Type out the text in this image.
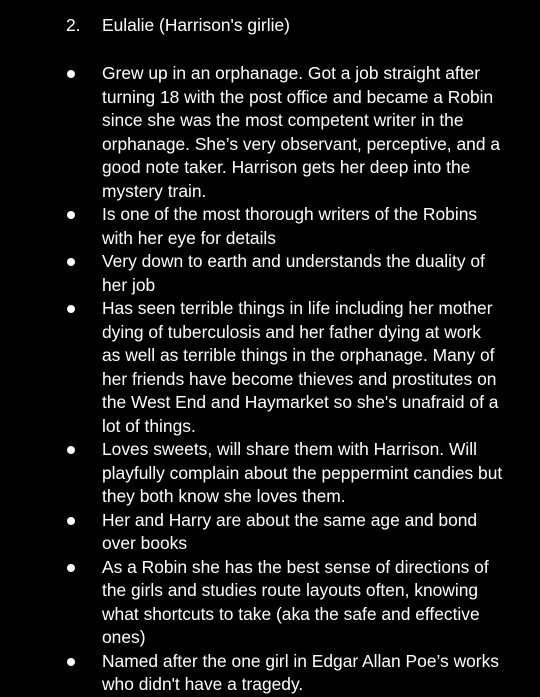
2. Eulalie (Harrison's girlie)
Grew up in an orphanage. Got a job straight after
turning 18 with the post office and became a Robin
since she was the most competent writer in the
orphanage. She’s very observant, perceptive, and a
good note taker. Harrison gets her deep into the
mystery train.
Is one of the most thorough writers of the Robins
with her eye for details
Very down to earth and understands the duality of
her job
Has seen terrible things in life including her mother
dying of tuberculosis and her father dying at work
as well as terrible things in the orphanage. Many of
her friends have become thieves and prostitutes on
the West End and Haymarket so she's unafraid of a
lot of things.
Loves sweets, will share them with Harrison. Will
playfully complain about the peppermint candies but
they both know she loves them.
Her and Harry are about the same age and bond
over books
As a Robin she has the best sense of directions of
the girls and studies route layouts often, knowing
what shortcuts to take (aka the safe and effective
ones)
Named after the one girl in Edgar Allan Poe’s works
who didn't have a tragedy.
